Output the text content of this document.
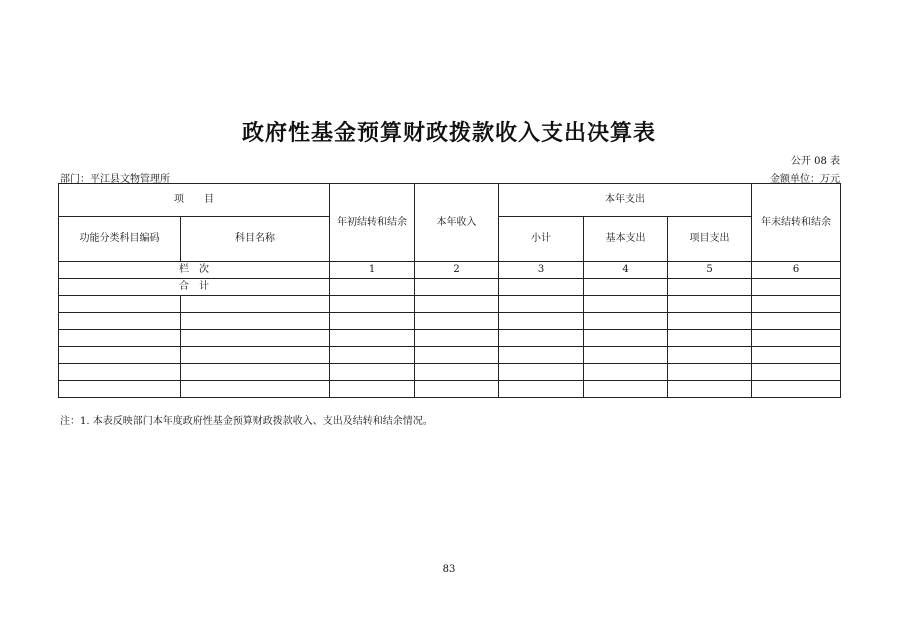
政府性基金预算财政拨款收入支出决算表
公开 08 表
部门：平江县文物管理所	金额单位：万元
项　　目		年初结转和结余	本年收入	本年支出			年末结转和结余
功能分类科目编码	科目名称			小计	基本支出	项目支出	
栏　次		1	2	3	4	5	6
合　计							

注：1. 本表反映部门本年度政府性基金预算财政拨款收入、支出及结转和结余情况。
83
